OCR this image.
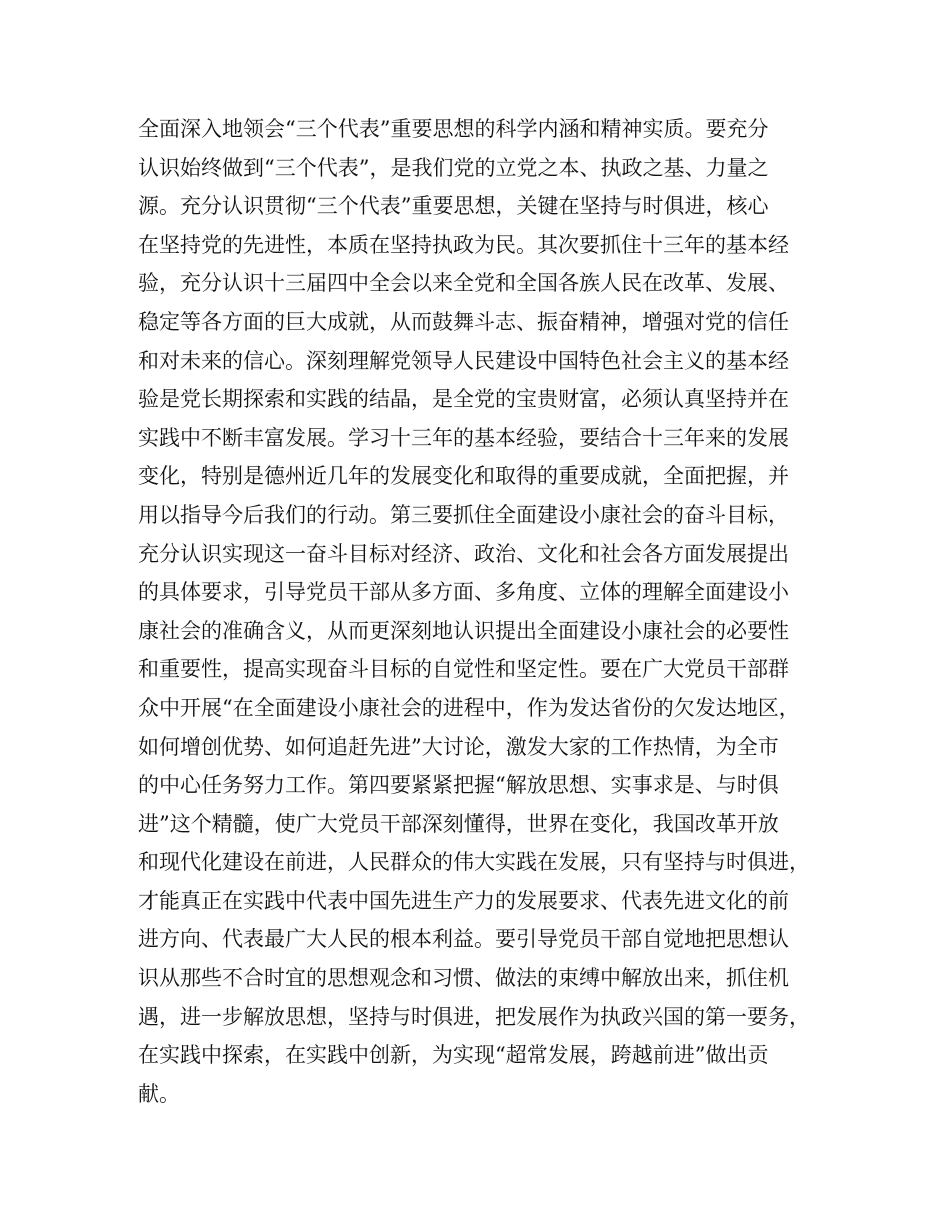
全面深入地领会“三个代表”重要思想的科学内涵和精神实质。要充分
认识始终做到“三个代表”，是我们党的立党之本、执政之基、力量之
源。充分认识贯彻“三个代表”重要思想，关键在坚持与时俱进，核心
在坚持党的先进性，本质在坚持执政为民。其次要抓住十三年的基本经
验，充分认识十三届四中全会以来全党和全国各族人民在改革、发展、
稳定等各方面的巨大成就，从而鼓舞斗志、振奋精神，增强对党的信任
和对未来的信心。深刻理解党领导人民建设中国特色社会主义的基本经
验是党长期探索和实践的结晶，是全党的宝贵财富，必须认真坚持并在
实践中不断丰富发展。学习十三年的基本经验，要结合十三年来的发展
变化，特别是德州近几年的发展变化和取得的重要成就，全面把握，并
用以指导今后我们的行动。第三要抓住全面建设小康社会的奋斗目标，
充分认识实现这一奋斗目标对经济、政治、文化和社会各方面发展提出
的具体要求，引导党员干部从多方面、多角度、立体的理解全面建设小
康社会的准确含义，从而更深刻地认识提出全面建设小康社会的必要性
和重要性，提高实现奋斗目标的自觉性和坚定性。要在广大党员干部群
众中开展“在全面建设小康社会的进程中，作为发达省份的欠发达地区，
如何增创优势、如何追赶先进”大讨论，激发大家的工作热情，为全市
的中心任务努力工作。第四要紧紧把握“解放思想、实事求是、与时俱
进”这个精髓，使广大党员干部深刻懂得，世界在变化，我国改革开放
和现代化建设在前进，人民群众的伟大实践在发展，只有坚持与时俱进，
才能真正在实践中代表中国先进生产力的发展要求、代表先进文化的前
进方向、代表最广大人民的根本利益。要引导党员干部自觉地把思想认
识从那些不合时宜的思想观念和习惯、做法的束缚中解放出来，抓住机
遇，进一步解放思想，坚持与时俱进，把发展作为执政兴国的第一要务，
在实践中探索，在实践中创新，为实现“超常发展，跨越前进”做出贡
献。
